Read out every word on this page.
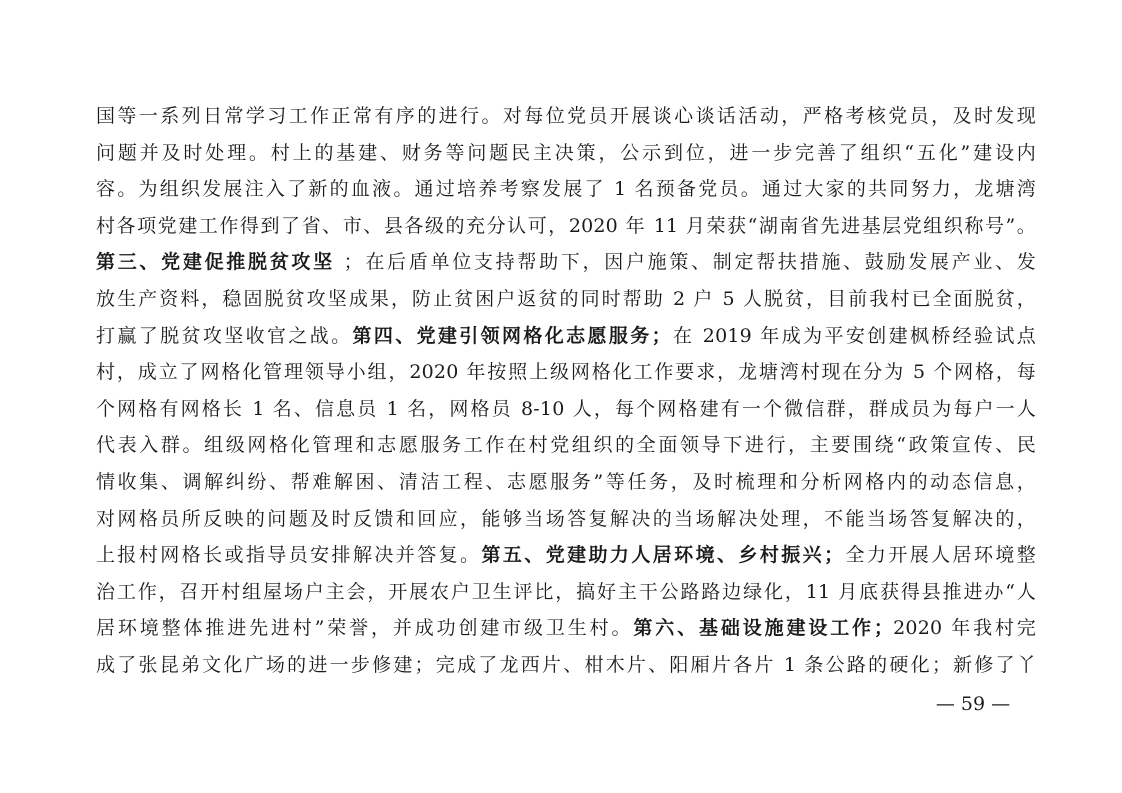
国等一系列日常学习工作正常有序的进行。对每位党员开展谈心谈话活动，严格考核党员，及时发现
问题并及时处理。村上的基建、财务等问题民主决策，公示到位，进一步完善了组织“五化”建设内
容。为组织发展注入了新的血液。通过培养考察发展了 1 名预备党员。通过大家的共同努力，龙塘湾
村各项党建工作得到了省、市、县各级的充分认可，2020 年 11 月荣获“湖南省先进基层党组织称号”。
第三、党建促推脱贫攻坚 ；在后盾单位支持帮助下，因户施策、制定帮扶措施、鼓励发展产业、发
放生产资料，稳固脱贫攻坚成果，防止贫困户返贫的同时帮助 2 户 5 人脱贫，目前我村已全面脱贫，
打赢了脱贫攻坚收官之战。第四、党建引领网格化志愿服务；在 2019 年成为平安创建枫桥经验试点
村，成立了网格化管理领导小组，2020 年按照上级网格化工作要求，龙塘湾村现在分为 5 个网格，每
个网格有网格长 1 名、信息员 1 名，网格员 8-10 人，每个网格建有一个微信群，群成员为每户一人
代表入群。组级网格化管理和志愿服务工作在村党组织的全面领导下进行，主要围绕“政策宣传、民
情收集、调解纠纷、帮难解困、清洁工程、志愿服务”等任务，及时梳理和分析网格内的动态信息，
对网格员所反映的问题及时反馈和回应，能够当场答复解决的当场解决处理，不能当场答复解决的，
上报村网格长或指导员安排解决并答复。第五、党建助力人居环境、乡村振兴；全力开展人居环境整
治工作，召开村组屋场户主会，开展农户卫生评比，搞好主干公路路边绿化，11 月底获得县推进办“人
居环境整体推进先进村”荣誉，并成功创建市级卫生村。第六、基础设施建设工作；2020 年我村完
成了张昆弟文化广场的进一步修建；完成了龙西片、柑木片、阳厢片各片 1 条公路的硬化；新修了丫
— 59 —
